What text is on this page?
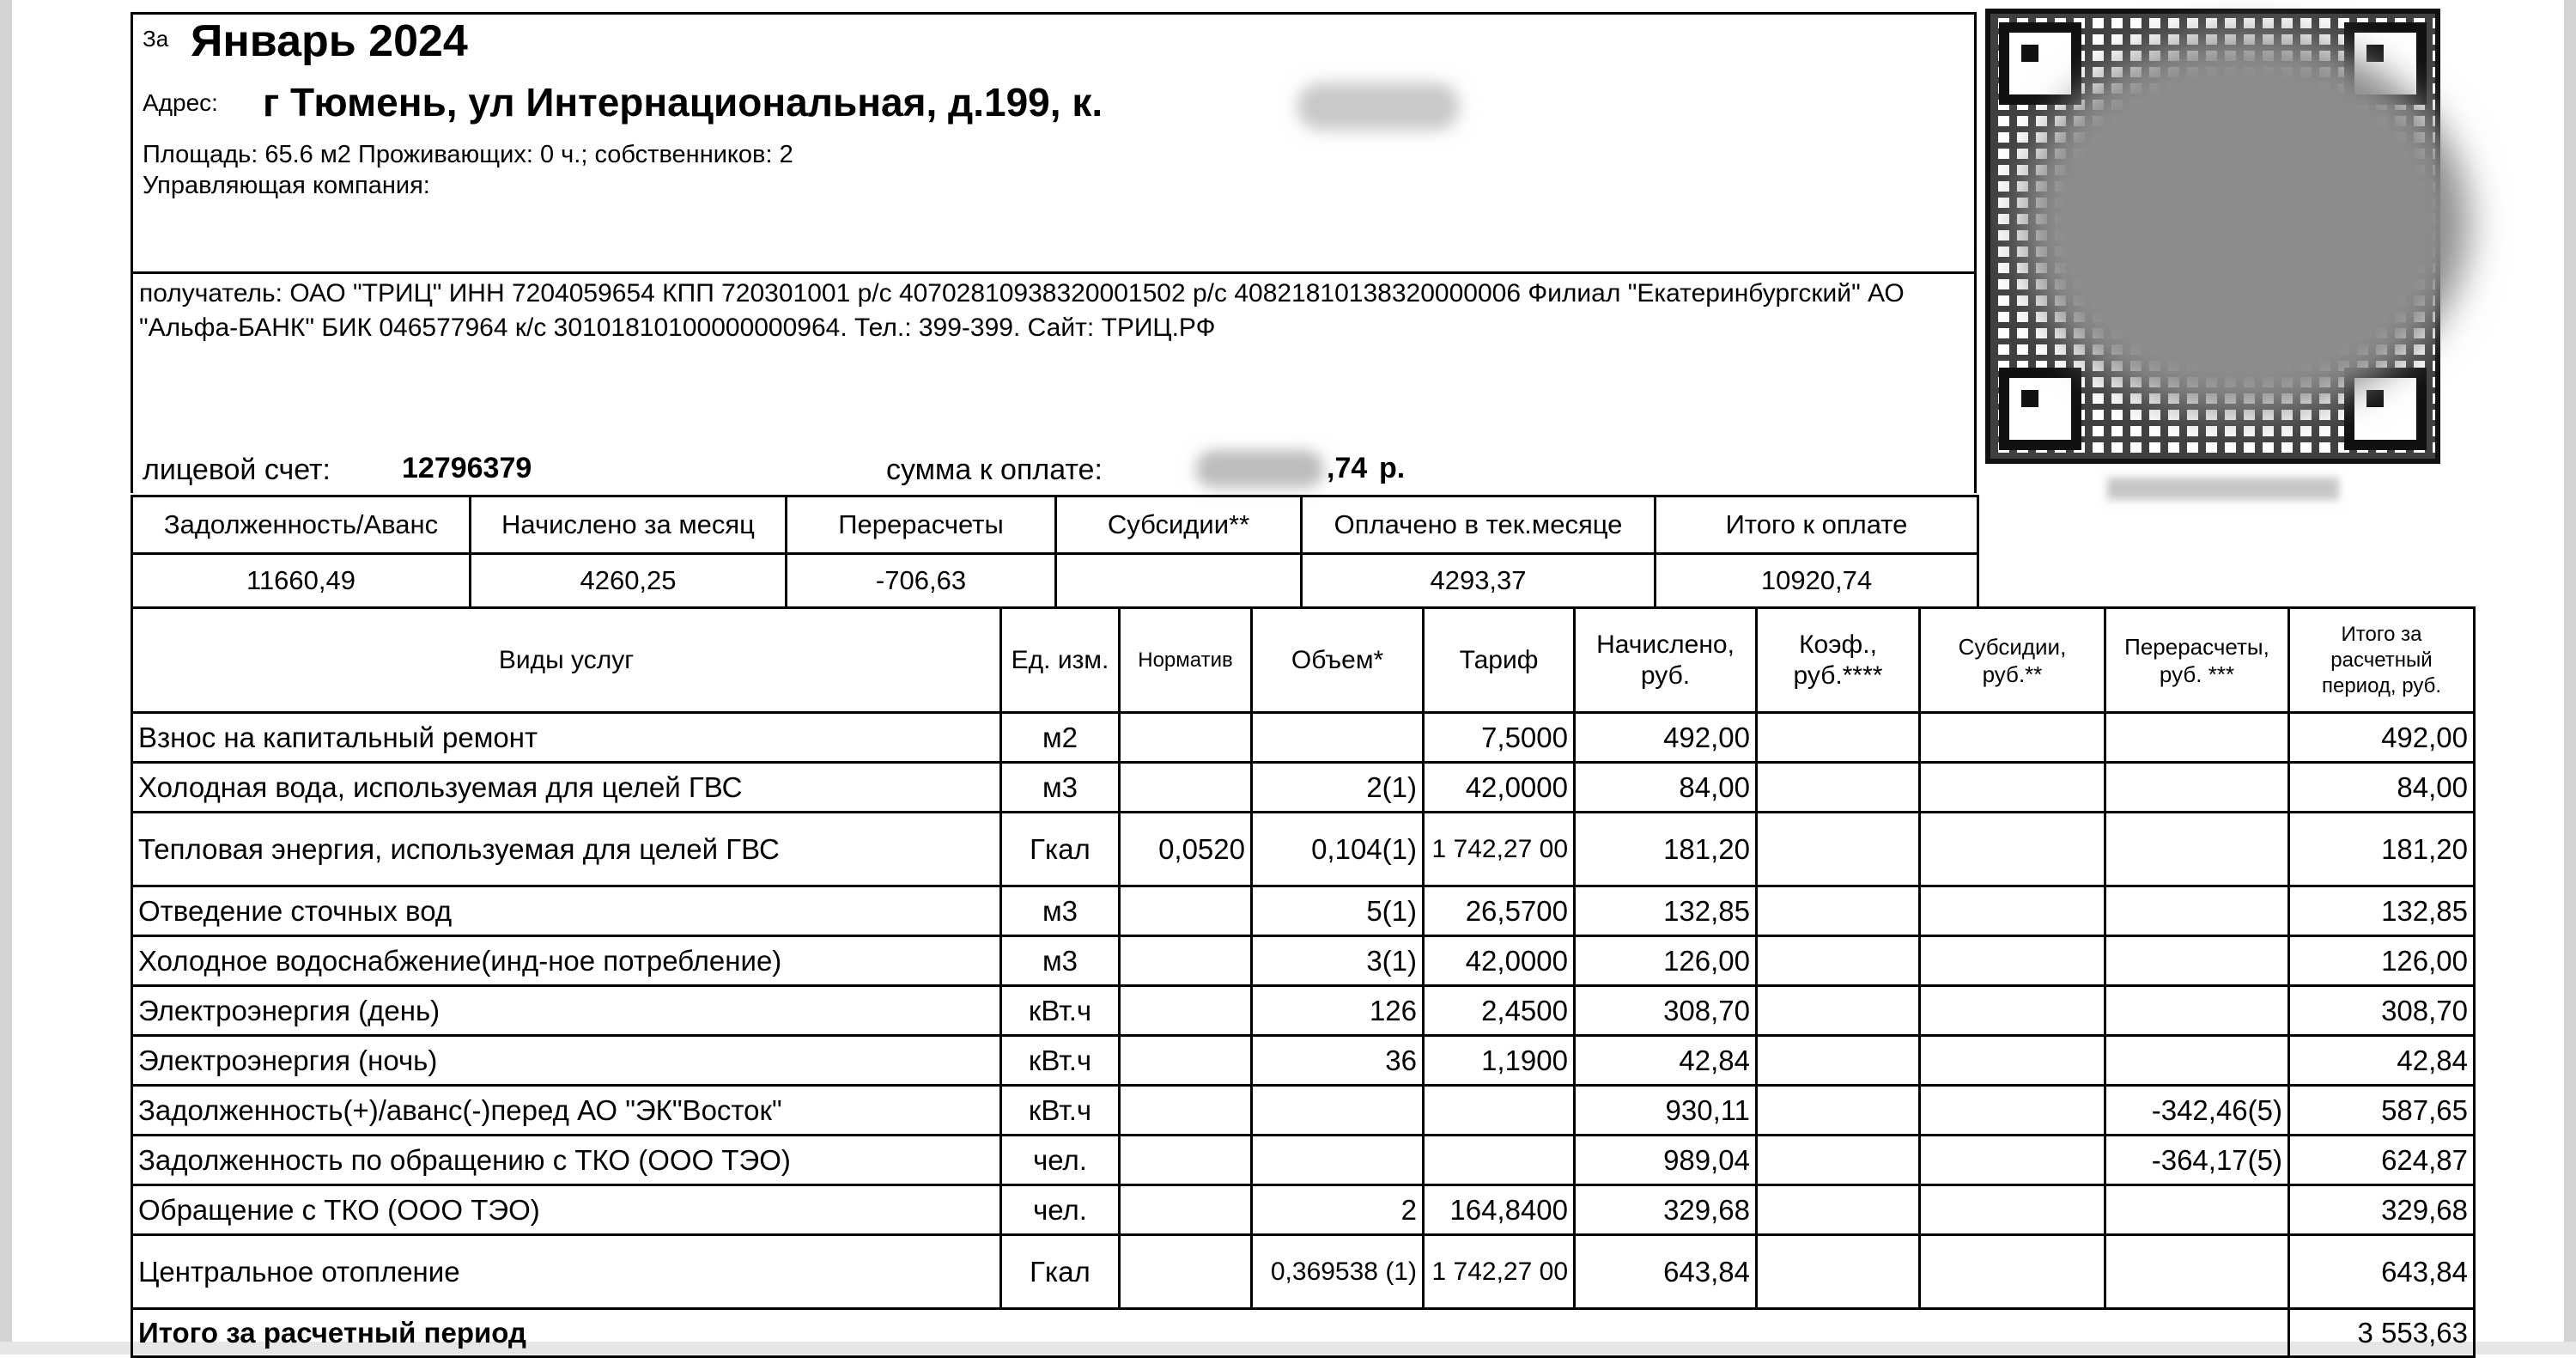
За Январь 2024
Адрес: г Тюмень, ул Интернациональная, д.199, к.
Площадь: 65.6 м2 Проживающих: 0 ч.; собственников: 2
Управляющая компания:
получатель: ОАО "ТРИЦ" ИНН 7204059654 КПП 720301001 р/с 40702810938320001502 р/с 40821810138320000006 Филиал "Екатеринбургский" АО "Альфа-БАНК" БИК 046577964 к/с 30101810100000000964. Тел.: 399-399. Сайт: ТРИЦ.РФ
лицевой счет: 12796379	сумма к оплате:	,74 р.
Задолженность/Аванс	Начислено за месяц	Перерасчеты	Субсидии**	Оплачено в тек.месяце	Итого к оплате
11660,49	4260,25	-706,63		4293,37	10920,74
Виды услуг	Ед. изм.	Норматив	Объем*	Тариф	Начислено, руб.	Коэф., руб.****	Субсидии, руб.**	Перерасчеты, руб. ***	Итого за расчетный период, руб.
Взнос на капитальный ремонт	м2			7,5000	492,00				492,00
Холодная вода, используемая для целей ГВС	м3		2(1)	42,0000	84,00				84,00
Тепловая энергия, используемая для целей ГВС	Гкал	0,0520	0,104(1)	1 742,27 00	181,20				181,20
Отведение сточных вод	м3		5(1)	26,5700	132,85				132,85
Холодное водоснабжение(инд-ное потребление)	м3		3(1)	42,0000	126,00				126,00
Электроэнергия (день)	кВт.ч		126	2,4500	308,70				308,70
Электроэнергия (ночь)	кВт.ч		36	1,1900	42,84				42,84
Задолженность(+)/аванс(-)перед АО "ЭК"Восток"	кВт.ч				930,11			-342,46(5)	587,65
Задолженность по обращению с ТКО (ООО ТЭО)	чел.				989,04			-364,17(5)	624,87
Обращение с ТКО (ООО ТЭО)	чел.		2	164,8400	329,68				329,68
Центральное отопление	Гкал		0,369538 (1)	1 742,27 00	643,84				643,84
Итого за расчетный период									3 553,63
